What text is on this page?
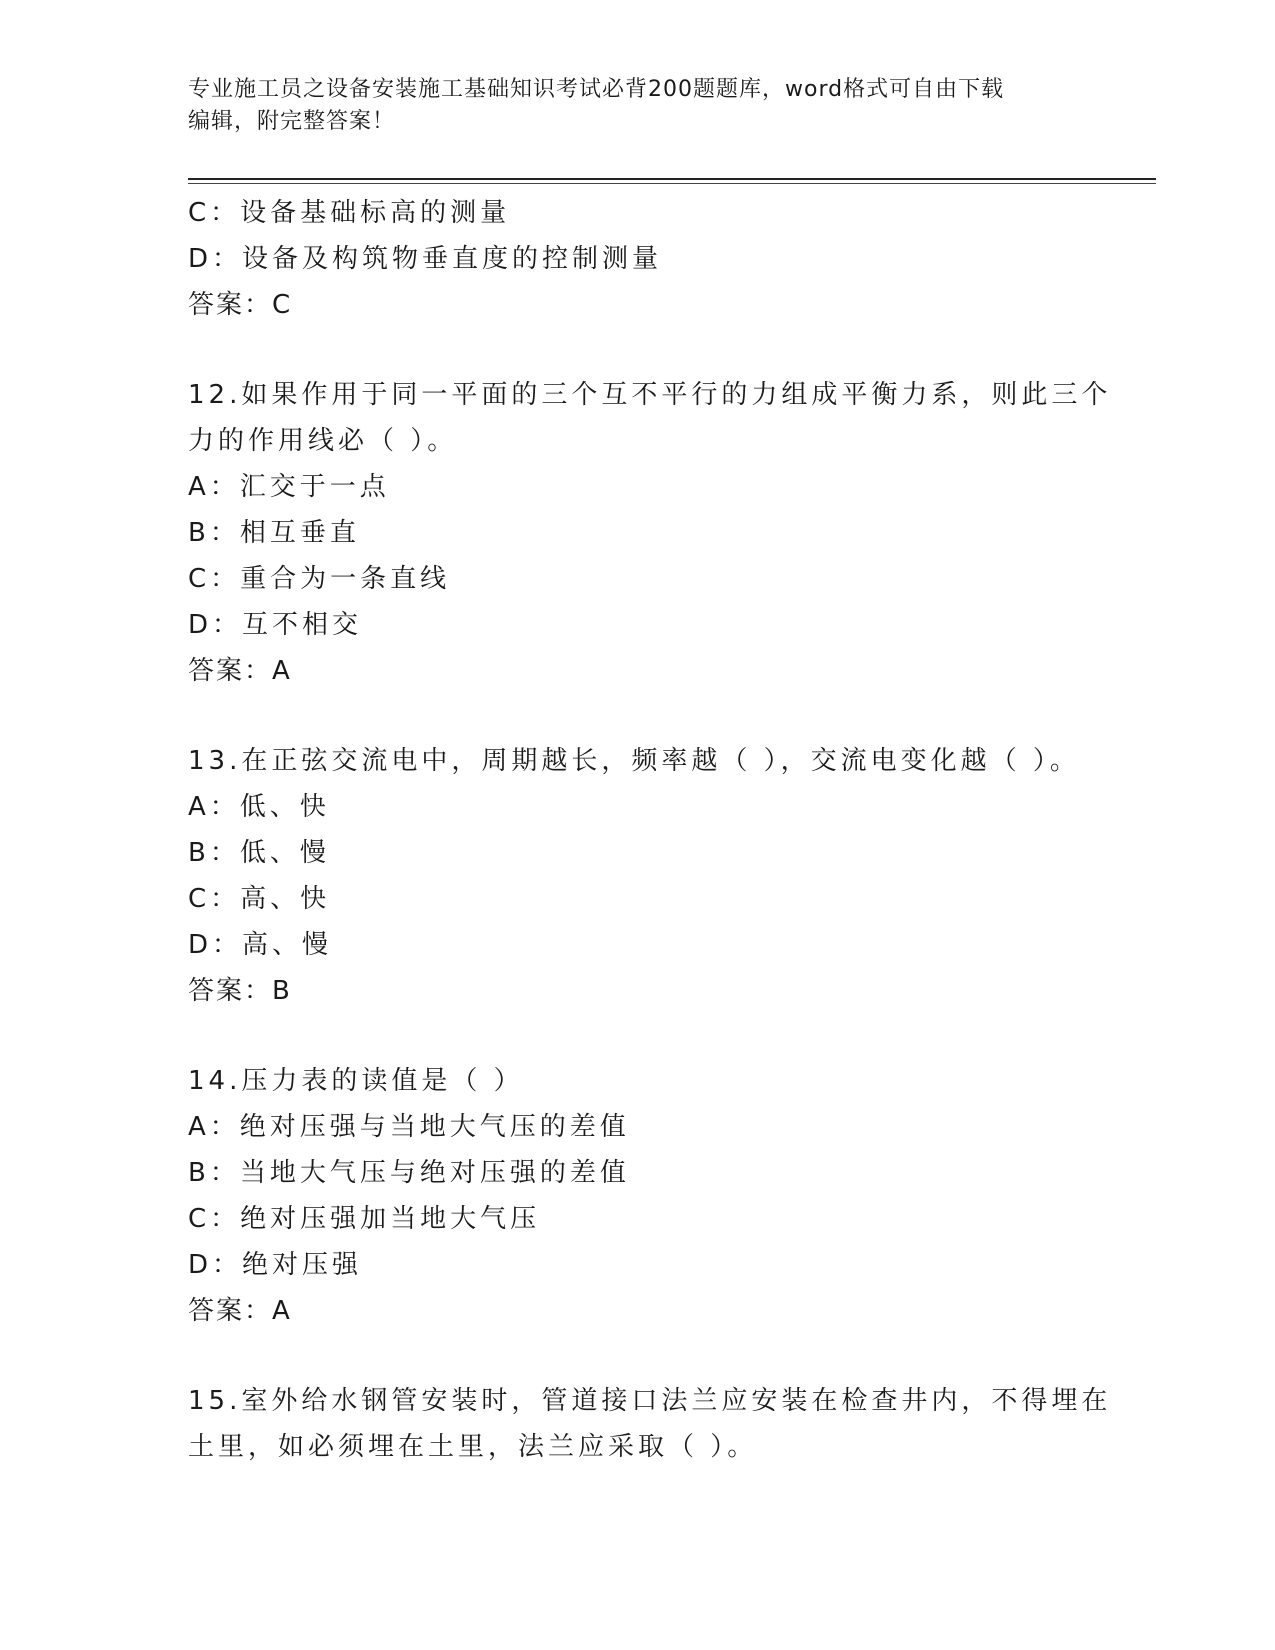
专业施工员之设备安装施工基础知识考试必背200题题库，word格式可自由下载
编辑，附完整答案！
C：设备基础标高的测量
D：设备及构筑物垂直度的控制测量
答案：C
12.如果作用于同一平面的三个互不平行的力组成平衡力系，则此三个
力的作用线必（ ）。
A：汇交于一点
B：相互垂直
C：重合为一条直线
D：互不相交
答案：A
13.在正弦交流电中，周期越长，频率越（ ），交流电变化越（ ）。
A：低、快
B：低、慢
C：高、快
D：高、慢
答案：B
14.压力表的读值是（ ）
A：绝对压强与当地大气压的差值
B：当地大气压与绝对压强的差值
C：绝对压强加当地大气压
D：绝对压强
答案：A
15.室外给水钢管安装时，管道接口法兰应安装在检查井内，不得埋在
土里，如必须埋在土里，法兰应采取（ ）。
